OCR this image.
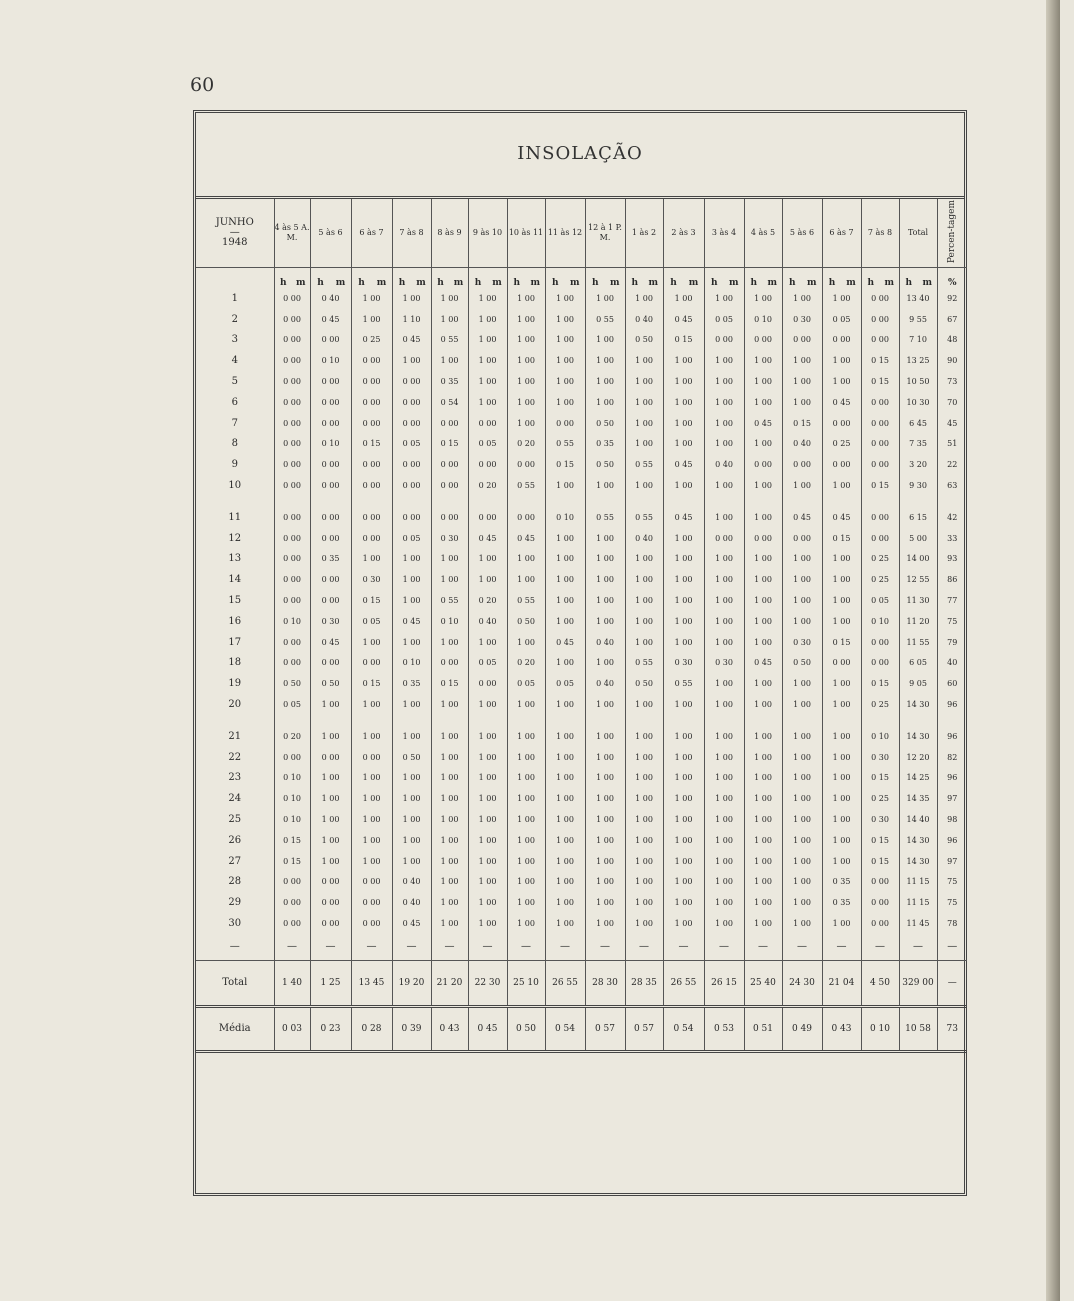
60
INSOLAÇÃO
JUNHO
—
1948	4 às 5 A. M.	5 às 6	6 às 7	7 às 8	8 às 9	9 às 10	10 às 11	11 às 12	12 à 1 P. M.	1 às 2	2 às 3	3 às 4	4 às 5	5 às 6	6 às 7	7 às 8	Total	Percen-tagem
	h m	h m	h m	h m	h m	h m	h m	h m	h m	h m	h m	h m	h m	h m	h m	h m	h m	%
1	0 00	0 40	1 00	1 00	1 00	1 00	1 00	1 00	1 00	1 00	1 00	1 00	1 00	1 00	1 00	0 00	13 40	92
2	0 00	0 45	1 00	1 10	1 00	1 00	1 00	1 00	0 55	0 40	0 45	0 05	0 10	0 30	0 05	0 00	9 55	67
3	0 00	0 00	0 25	0 45	0 55	1 00	1 00	1 00	1 00	0 50	0 15	0 00	0 00	0 00	0 00	0 00	7 10	48
4	0 00	0 10	0 00	1 00	1 00	1 00	1 00	1 00	1 00	1 00	1 00	1 00	1 00	1 00	1 00	0 15	13 25	90
5	0 00	0 00	0 00	0 00	0 35	1 00	1 00	1 00	1 00	1 00	1 00	1 00	1 00	1 00	1 00	0 15	10 50	73
6	0 00	0 00	0 00	0 00	0 54	1 00	1 00	1 00	1 00	1 00	1 00	1 00	1 00	1 00	0 45	0 00	10 30	70
7	0 00	0 00	0 00	0 00	0 00	0 00	1 00	0 00	0 50	1 00	1 00	1 00	0 45	0 15	0 00	0 00	6 45	45
8	0 00	0 10	0 15	0 05	0 15	0 05	0 20	0 55	0 35	1 00	1 00	1 00	1 00	0 40	0 25	0 00	7 35	51
9	0 00	0 00	0 00	0 00	0 00	0 00	0 00	0 15	0 50	0 55	0 45	0 40	0 00	0 00	0 00	0 00	3 20	22
10	0 00	0 00	0 00	0 00	0 00	0 20	0 55	1 00	1 00	1 00	1 00	1 00	1 00	1 00	1 00	0 15	9 30	63

11	0 00	0 00	0 00	0 00	0 00	0 00	0 00	0 10	0 55	0 55	0 45	1 00	1 00	0 45	0 45	0 00	6 15	42
12	0 00	0 00	0 00	0 05	0 30	0 45	0 45	1 00	1 00	0 40	1 00	0 00	0 00	0 00	0 15	0 00	5 00	33
13	0 00	0 35	1 00	1 00	1 00	1 00	1 00	1 00	1 00	1 00	1 00	1 00	1 00	1 00	1 00	0 25	14 00	93
14	0 00	0 00	0 30	1 00	1 00	1 00	1 00	1 00	1 00	1 00	1 00	1 00	1 00	1 00	1 00	0 25	12 55	86
15	0 00	0 00	0 15	1 00	0 55	0 20	0 55	1 00	1 00	1 00	1 00	1 00	1 00	1 00	1 00	0 05	11 30	77
16	0 10	0 30	0 05	0 45	0 10	0 40	0 50	1 00	1 00	1 00	1 00	1 00	1 00	1 00	1 00	0 10	11 20	75
17	0 00	0 45	1 00	1 00	1 00	1 00	1 00	0 45	0 40	1 00	1 00	1 00	1 00	0 30	0 15	0 00	11 55	79
18	0 00	0 00	0 00	0 10	0 00	0 05	0 20	1 00	1 00	0 55	0 30	0 30	0 45	0 50	0 00	0 00	6 05	40
19	0 50	0 50	0 15	0 35	0 15	0 00	0 05	0 05	0 40	0 50	0 55	1 00	1 00	1 00	1 00	0 15	9 05	60
20	0 05	1 00	1 00	1 00	1 00	1 00	1 00	1 00	1 00	1 00	1 00	1 00	1 00	1 00	1 00	0 25	14 30	96

21	0 20	1 00	1 00	1 00	1 00	1 00	1 00	1 00	1 00	1 00	1 00	1 00	1 00	1 00	1 00	0 10	14 30	96
22	0 00	0 00	0 00	0 50	1 00	1 00	1 00	1 00	1 00	1 00	1 00	1 00	1 00	1 00	1 00	0 30	12 20	82
23	0 10	1 00	1 00	1 00	1 00	1 00	1 00	1 00	1 00	1 00	1 00	1 00	1 00	1 00	1 00	0 15	14 25	96
24	0 10	1 00	1 00	1 00	1 00	1 00	1 00	1 00	1 00	1 00	1 00	1 00	1 00	1 00	1 00	0 25	14 35	97
25	0 10	1 00	1 00	1 00	1 00	1 00	1 00	1 00	1 00	1 00	1 00	1 00	1 00	1 00	1 00	0 30	14 40	98
26	0 15	1 00	1 00	1 00	1 00	1 00	1 00	1 00	1 00	1 00	1 00	1 00	1 00	1 00	1 00	0 15	14 30	96
27	0 15	1 00	1 00	1 00	1 00	1 00	1 00	1 00	1 00	1 00	1 00	1 00	1 00	1 00	1 00	0 15	14 30	97
28	0 00	0 00	0 00	0 40	1 00	1 00	1 00	1 00	1 00	1 00	1 00	1 00	1 00	1 00	0 35	0 00	11 15	75
29	0 00	0 00	0 00	0 40	1 00	1 00	1 00	1 00	1 00	1 00	1 00	1 00	1 00	1 00	0 35	0 00	11 15	75
30	0 00	0 00	0 00	0 45	1 00	1 00	1 00	1 00	1 00	1 00	1 00	1 00	1 00	1 00	1 00	0 00	11 45	78
—	—	—	—	—	—	—	—	—	—	—	—	—	—	—	—	—	—	—
Total	1 40	1 25	13 45	19 20	21 20	22 30	25 10	26 55	28 30	28 35	26 55	26 15	25 40	24 30	21 04	4 50	329 00	—
Média	0 03	0 23	0 28	0 39	0 43	0 45	0 50	0 54	0 57	0 57	0 54	0 53	0 51	0 49	0 43	0 10	10 58	73
